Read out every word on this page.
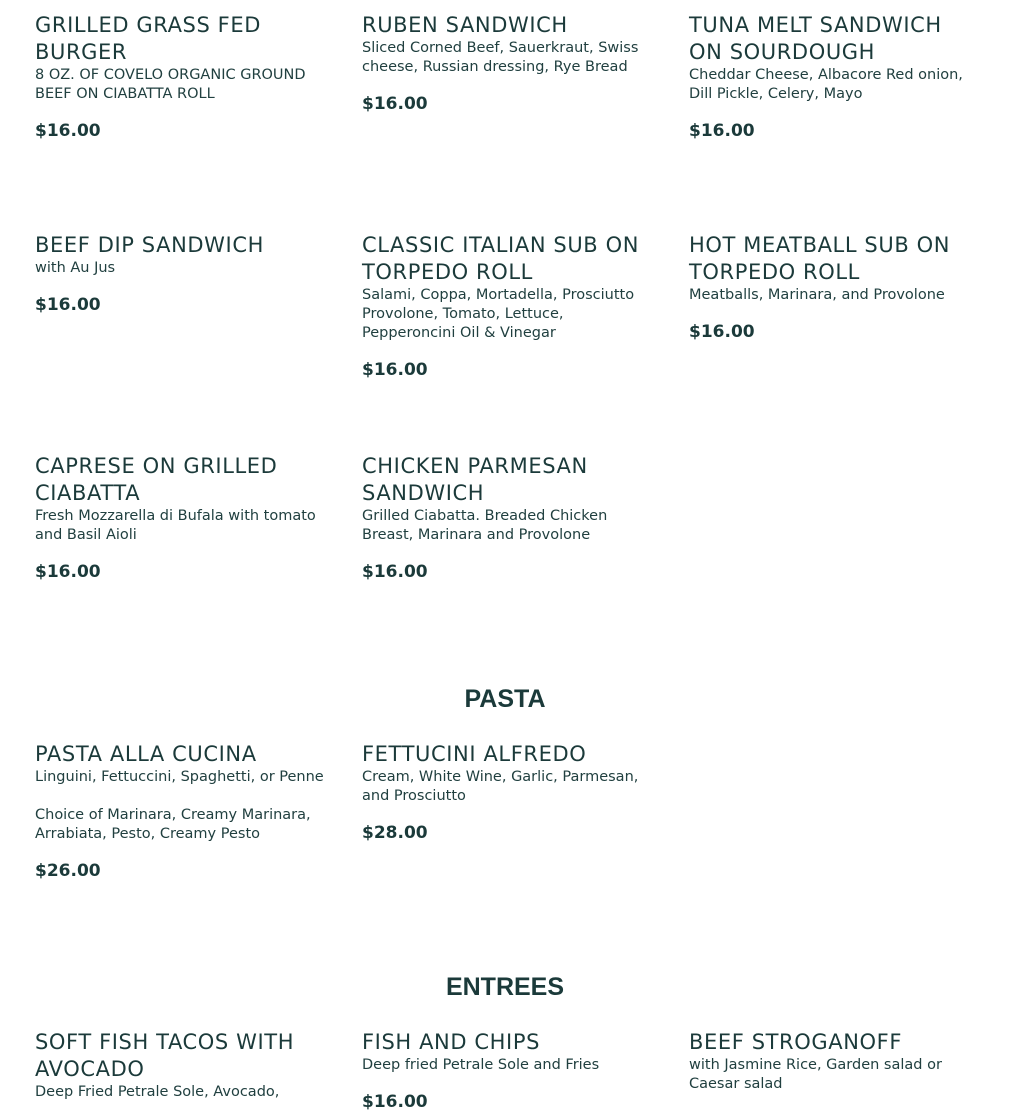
GRILLED GRASS FED BURGER

8 OZ. OF COVELO ORGANIC GROUND BEEF ON CIABATTA ROLL

$16.00
RUBEN SANDWICH

Sliced Corned Beef, Sauerkraut, Swiss cheese, Russian dressing, Rye Bread

$16.00
TUNA MELT SANDWICH ON SOURDOUGH

Cheddar Cheese, Albacore Red onion, Dill Pickle, Celery, Mayo

$16.00
BEEF DIP SANDWICH

with Au Jus

$16.00
CLASSIC ITALIAN SUB ON TORPEDO ROLL

Salami, Coppa, Mortadella, Prosciutto Provolone, Tomato, Lettuce, Pepperoncini Oil & Vinegar

$16.00
HOT MEATBALL SUB ON TORPEDO ROLL

Meatballs, Marinara, and Provolone

$16.00
CAPRESE ON GRILLED CIABATTA

Fresh Mozzarella di Bufala with tomato and Basil Aioli

$16.00
CHICKEN PARMESAN SANDWICH

Grilled Ciabatta. Breaded Chicken Breast, Marinara and Provolone

$16.00
PASTA
PASTA ALLA CUCINA

Linguini, Fettuccini, Spaghetti, or Penne

Choice of Marinara, Creamy Marinara, Arrabiata, Pesto, Creamy Pesto

$26.00
FETTUCINI ALFREDO

Cream, White Wine, Garlic, Parmesan, and Prosciutto

$28.00
ENTREES
SOFT FISH TACOS WITH AVOCADO

Deep Fried Petrale Sole, Avocado,

FISH AND CHIPS

Deep fried Petrale Sole and Fries

$16.00
BEEF STROGANOFF

with Jasmine Rice, Garden salad or Caesar salad
